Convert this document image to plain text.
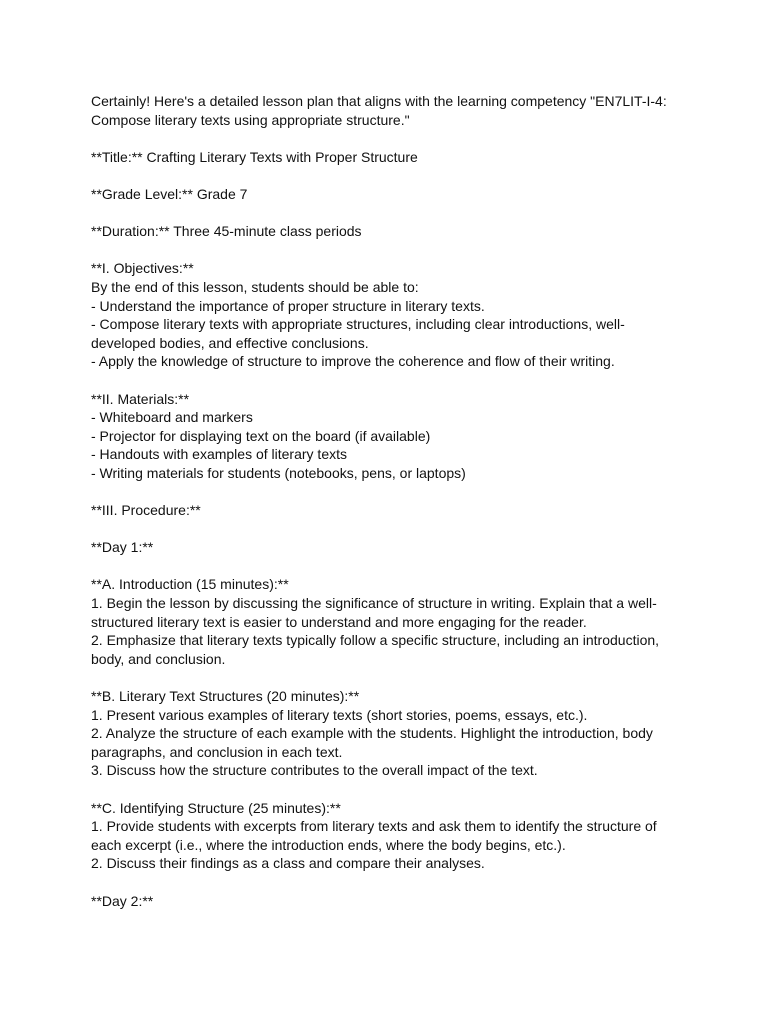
Certainly! Here's a detailed lesson plan that aligns with the learning competency "EN7LIT-I-4:
Compose literary texts using appropriate structure."
**Title:** Crafting Literary Texts with Proper Structure
**Grade Level:** Grade 7
**Duration:** Three 45-minute class periods
**I. Objectives:**
By the end of this lesson, students should be able to:
- Understand the importance of proper structure in literary texts.
- Compose literary texts with appropriate structures, including clear introductions, well-
developed bodies, and effective conclusions.
- Apply the knowledge of structure to improve the coherence and flow of their writing.
**II. Materials:**
- Whiteboard and markers
- Projector for displaying text on the board (if available)
- Handouts with examples of literary texts
- Writing materials for students (notebooks, pens, or laptops)
**III. Procedure:**
**Day 1:**
**A. Introduction (15 minutes):**
1. Begin the lesson by discussing the significance of structure in writing. Explain that a well-
structured literary text is easier to understand and more engaging for the reader.
2. Emphasize that literary texts typically follow a specific structure, including an introduction,
body, and conclusion.
**B. Literary Text Structures (20 minutes):**
1. Present various examples of literary texts (short stories, poems, essays, etc.).
2. Analyze the structure of each example with the students. Highlight the introduction, body
paragraphs, and conclusion in each text.
3. Discuss how the structure contributes to the overall impact of the text.
**C. Identifying Structure (25 minutes):**
1. Provide students with excerpts from literary texts and ask them to identify the structure of
each excerpt (i.e., where the introduction ends, where the body begins, etc.).
2. Discuss their findings as a class and compare their analyses.
**Day 2:**
